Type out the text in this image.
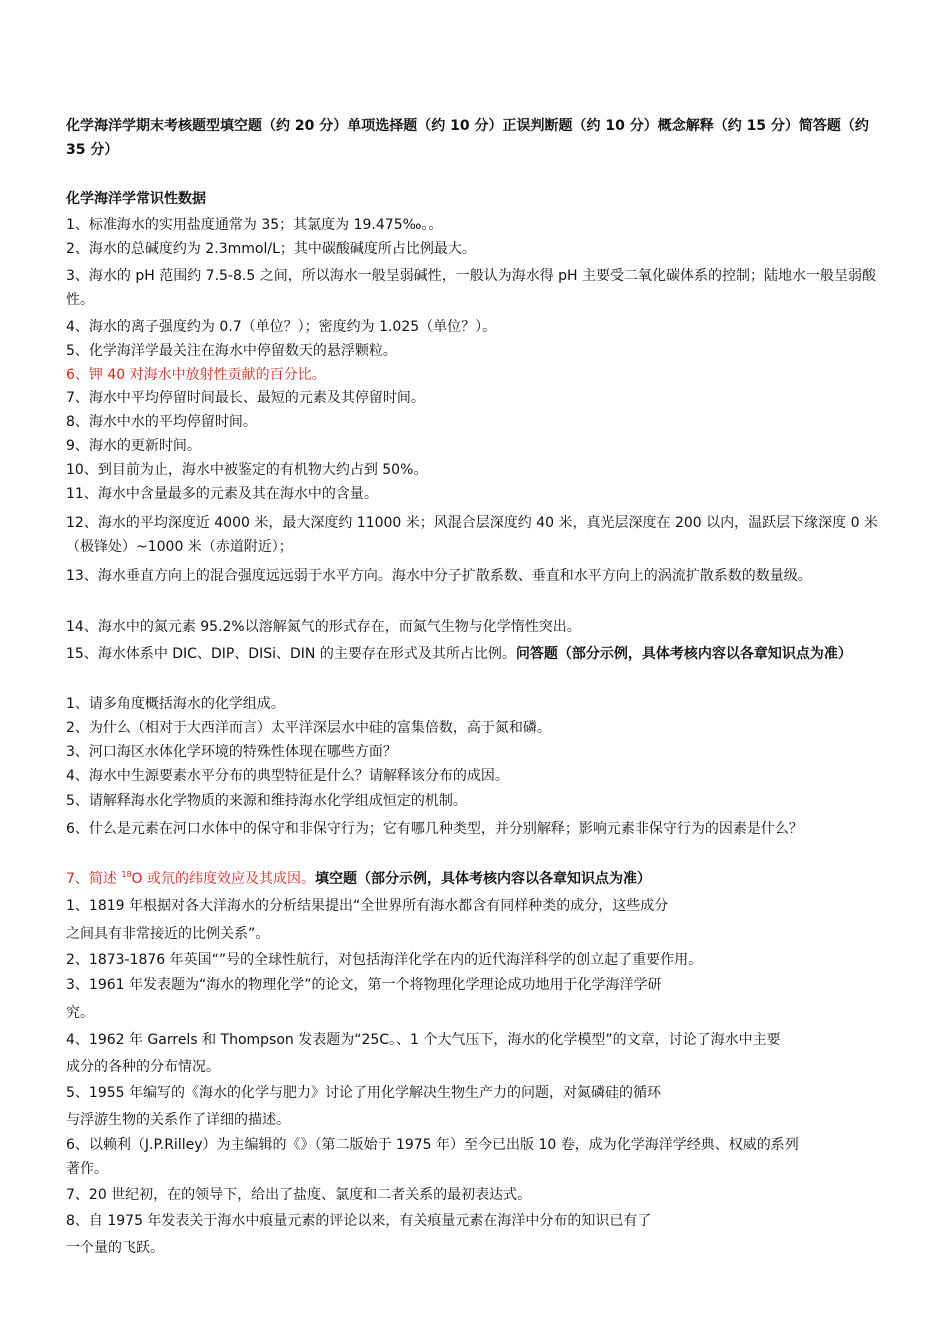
化学海洋学期末考核题型填空题（约 20 分）单项选择题（约 10 分）正误判断题（约 10 分）概念解释（约 15 分）简答题（约 35 分）
化学海洋学常识性数据
1、标准海水的实用盐度通常为 35；其氯度为 19.475‰。。
2、海水的总碱度约为 2.3mmol/L；其中碳酸碱度所占比例最大。
3、海水的 pH 范围约 7.5-8.5 之间，所以海水一般呈弱碱性，一般认为海水得 pH 主要受二氧化碳体系的控制；陆地水一般呈弱酸性。
4、海水的离子强度约为 0.7（单位？）；密度约为 1.025（单位？）。
5、化学海洋学最关注在海水中停留数天的悬浮颗粒。
6、钾 40 对海水中放射性贡献的百分比。
7、海水中平均停留时间最长、最短的元素及其停留时间。
8、海水中水的平均停留时间。
9、海水的更新时间。
10、到目前为止，海水中被鉴定的有机物大约占到 50%。
11、海水中含量最多的元素及其在海水中的含量。
12、海水的平均深度近 4000 米，最大深度约 11000 米；风混合层深度约 40 米，真光层深度在 200 以内，温跃层下缘深度 0 米（极锋处）~1000 米（赤道附近）；
13、海水垂直方向上的混合强度远远弱于水平方向。海水中分子扩散系数、垂直和水平方向上的涡流扩散系数的数量级。
14、海水中的氮元素 95.2%以溶解氮气的形式存在，而氮气生物与化学惰性突出。
15、海水体系中 DIC、DIP、DISi、DIN 的主要存在形式及其所占比例。问答题（部分示例，具体考核内容以各章知识点为准）
1、请多角度概括海水的化学组成。
2、为什么（相对于大西洋而言）太平洋深层水中硅的富集倍数，高于氮和磷。
3、河口海区水体化学环境的特殊性体现在哪些方面？
4、海水中生源要素水平分布的典型特征是什么？请解释该分布的成因。
5、请解释海水化学物质的来源和维持海水化学组成恒定的机制。
6、什么是元素在河口水体中的保守和非保守行为；它有哪几种类型，并分别解释；影响元素非保守行为的因素是什么？
7、简述 $^{18}$O 或氘的纬度效应及其成因。填空题（部分示例，具体考核内容以各章知识点为准）
1、1819 年根据对各大洋海水的分析结果提出“全世界所有海水都含有同样种类的成分，这些成分
之间具有非常接近的比例关系”。
2、1873-1876 年英国“”号的全球性航行，对包括海洋化学在内的近代海洋科学的创立起了重要作用。
3、1961 年发表题为“海水的物理化学”的论文，第一个将物理化学理论成功地用于化学海洋学研
究。
4、1962 年 Garrels 和 Thompson 发表题为“25C。、1 个大气压下，海水的化学模型”的文章，讨论了海水中主要
成分的各种的分布情况。
5、1955 年编写的《海水的化学与肥力》讨论了用化学解决生物生产力的问题，对氮磷硅的循环
与浮游生物的关系作了详细的描述。
6、以赖利（J.P.Rilley）为主编辑的《》（第二版始于 1975 年）至今已出版 10 卷，成为化学海洋学经典、权威的系列
著作。
7、20 世纪初，在的领导下，给出了盐度、氯度和二者关系的最初表达式。
8、自 1975 年发表关于海水中痕量元素的评论以来，有关痕量元素在海洋中分布的知识已有了
一个量的飞跃。
